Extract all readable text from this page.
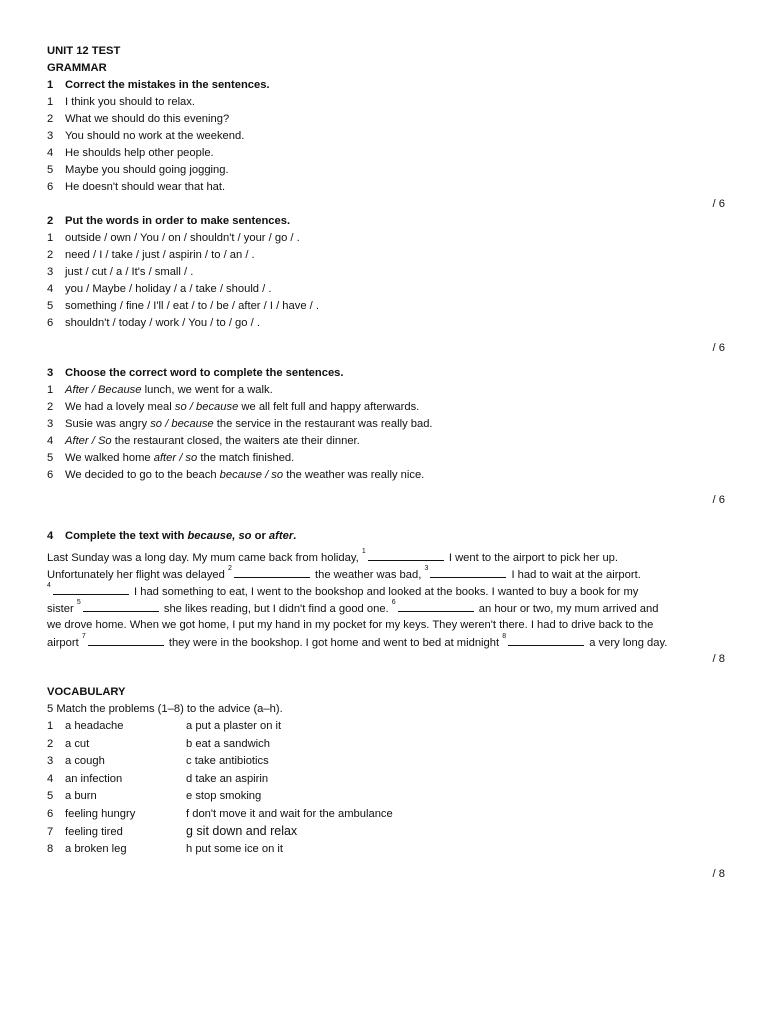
UNIT 12 TEST
GRAMMAR
1 Correct the mistakes in the sentences.
1 I think you should to relax.
2 What we should do this evening?
3 You should no work at the weekend.
4 He shoulds help other people.
5 Maybe you should going jogging.
6 He doesn't should wear that hat.
/ 6
2 Put the words in order to make sentences.
1 outside / own / You / on / shouldn't / your / go / .
2 need / I / take / just / aspirin / to / an / .
3 just / cut / a / It's / small / .
4 you / Maybe / holiday / a / take / should / .
5 something / fine / I'll / eat / to / be / after / I / have / .
6 shouldn't / today / work / You / to / go / .
/ 6
3 Choose the correct word to complete the sentences.
1 After / Because lunch, we went for a walk.
2 We had a lovely meal so / because we all felt full and happy afterwards.
3 Susie was angry so / because the service in the restaurant was really bad.
4 After / So the restaurant closed, the waiters ate their dinner.
5 We walked home after / so the match finished.
6 We decided to go to the beach because / so the weather was really nice.
/ 6
4 Complete the text with because, so or after.
Last Sunday was a long day. My mum came back from holiday, $^1$ I went to the airport to pick her up.
Unfortunately her flight was delayed $^2$ the weather was bad, $^3$ I had to wait at the airport.
$^4$ I had something to eat, I went to the bookshop and looked at the books. I wanted to buy a book for my
sister $^5$ she likes reading, but I didn't find a good one. $^6$ an hour or two, my mum arrived and
we drove home. When we got home, I put my hand in my pocket for my keys. They weren't there. I had to drive back to the
airport $^7$ they were in the bookshop. I got home and went to bed at midnight $^8$ a very long day.
/ 8
VOCABULARY
5 Match the problems (1–8) to the advice (a–h).
1 a headache	a put a plaster on it
2 a cut	b eat a sandwich
3 a cough	c take antibiotics
4 an infection	d take an aspirin
5 a burn	e stop smoking
6 feeling hungry	f don't move it and wait for the ambulance
7 feeling tired	g sit down and relax
8 a broken leg	h put some ice on it
/ 8
